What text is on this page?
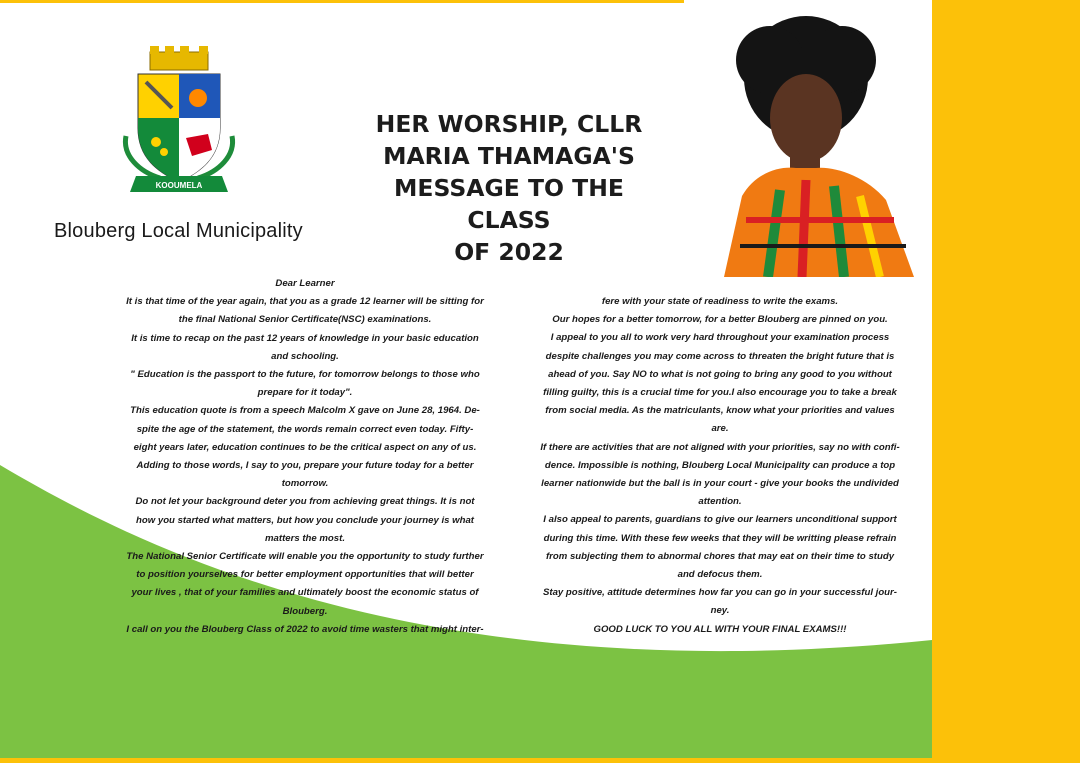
KOOUMELA
Blouberg Local Municipality
HER WORSHIP, CLLR
MARIA THAMAGA'S
MESSAGE TO THE CLASS
OF 2022

Dear Learner

It is that time of the year again, that you as a grade 12 learner will be sitting for

the final National Senior Certificate(NSC) examinations.

It is time to recap on the past 12 years of knowledge in your basic education

and schooling.

" Education is the passport to the future, for tomorrow belongs to those who

prepare for it today".

This education quote is from a speech Malcolm X gave on June 28, 1964. De-

spite the age of the statement, the words remain correct even today. Fifty-

eight years later, education continues to be the critical aspect on any of us.

Adding to those words, I say to you, prepare your future today for a better

tomorrow.

Do not let your background deter you from achieving great things. It is not

how you started what matters, but how you conclude your journey is what

matters the most.

The National Senior Certificate will enable you the opportunity to study further

to position yourselves for better employment opportunities that will better

your lives , that of your families and ultimately boost the economic status of

Blouberg.

I call on you the Blouberg Class of 2022 to avoid time wasters that might inter-

fere with your state of readiness to write the exams.

Our hopes for a better tomorrow, for a better Blouberg are pinned on you.

I appeal to you all to work very hard throughout your examination process

despite challenges you may come across to threaten the bright future that is

ahead of you. Say NO to what is not going to bring any good to you without

filling guilty, this is a crucial time for you.I also encourage you to take a break

from social media. As the matriculants, know what your priorities and values

are.

If there are activities that are not aligned with your priorities, say no with confi-

dence. Impossible is nothing, Blouberg Local Municipality can produce a top

learner nationwide but the ball is in your court - give your books the undivided

attention.

I also appeal to parents, guardians to give our learners unconditional support

during this time. With these few weeks that they will be writting please refrain

from subjecting them to abnormal chores that may eat on their time to study

and defocus them.

Stay positive, attitude determines how far you can go in your successful jour-

ney.

GOOD LUCK TO YOU ALL WITH YOUR FINAL EXAMS!!!
